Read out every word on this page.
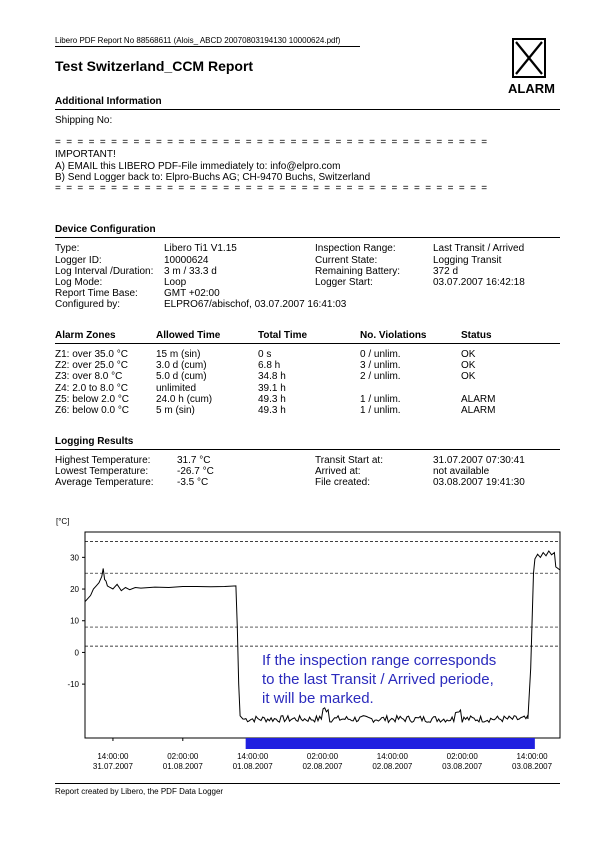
Libero PDF Report No 88568611 (Alois_ ABCD 20070803194130 10000624.pdf)
Test Switzerland_CCM Report
ALARM
Additional Information
Shipping No:
= = = = = = = = = = = = = = = = = = = = = = = = = = = = = = = = = = = = = = =
IMPORTANT!
A) EMAIL this LIBERO PDF-File immediately to: info@elpro.com
B) Send Logger back to: Elpro-Buchs AG; CH-9470 Buchs, Switzerland
= = = = = = = = = = = = = = = = = = = = = = = = = = = = = = = = = = = = = = =
Device Configuration
Type:	Libero Ti1 V1.15
Logger ID:	10000624
Log Interval /Duration: 3 m / 33.3 d
Log Mode:	Loop
Report Time Base:	GMT +02:00
Configured by:	ELPRO67/abischof, 03.07.2007 16:41:03
Inspection Range:	Last Transit / Arrived
Current State:	Logging Transit
Remaining Battery:	372 d
Logger Start:	03.07.2007 16:42:18
Alarm Zones	Allowed Time	Total Time	No. Violations	Status
Z1: over 35.0 °C	15 m (sin)	0 s	0 / unlim.	OK
Z2: over 25.0 °C	3.0 d (cum)	6.8 h	3 / unlim.	OK
Z3: over 8.0 °C	5.0 d (cum)	34.8 h	2 / unlim.	OK
Z4: 2.0 to 8.0 °C	unlimited	39.1 h
Z5: below 2.0 °C	24.0 h (cum)	49.3 h	1 / unlim.	ALARM
Z6: below 0.0 °C	5 m (sin)	49.3 h	1 / unlim.	ALARM
Logging Results
Highest Temperature:	31.7 °C
Lowest Temperature:	-26.7 °C
Average Temperature: -3.5 °C
Transit Start at:	31.07.2007 07:30:41
Arrived at:	not available
File created:	03.08.2007 19:41:30
[°C]
30
20
10
0
-10
14:00:00
31.07.2007
02:00:00
01.08.2007
14:00:00
01.08.2007
02:00:00
02.08.2007
14:00:00
02.08.2007
02:00:00
03.08.2007
14:00:00
03.08.2007
If the inspection range corresponds
to the last Transit / Arrived periode,
it will be marked.
Report created by Libero, the PDF Data Logger
